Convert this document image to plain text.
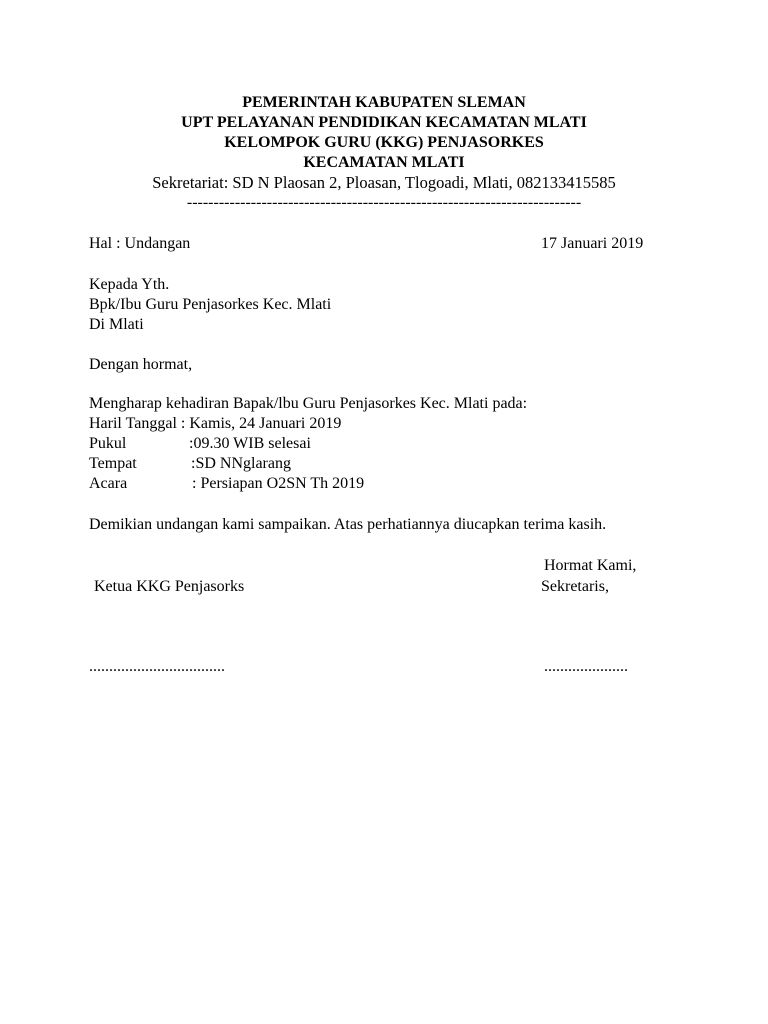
PEMERINTAH KABUPATEN SLEMAN
UPT PELAYANAN PENDIDIKAN KECAMATAN MLATI
KELOMPOK GURU (KKG) PENJASORKES
KECAMATAN MLATI
Sekretariat: SD N Plaosan 2, Ploasan, Tlogoadi, Mlati, 082133415585
--------------------------------------------------------------------------
Hal : Undangan	17 Januari 2019
Kepada Yth.
Bpk/Ibu Guru Penjasorkes Kec. Mlati
Di Mlati
Dengan hormat,
Mengharap kehadiran Bapak/lbu Guru Penjasorkes Kec. Mlati pada:
Haril Tanggal : Kamis, 24 Januari 2019
Pukul	:09.30 WIB selesai
Tempat	:SD NNglarang
Acara	: Persiapan O2SN Th 2019
Demikian undangan kami sampaikan. Atas perhatiannya diucapkan terima kasih.
Hormat Kami,
Ketua KKG Penjasorks	Sekretaris,
..................................	.....................
